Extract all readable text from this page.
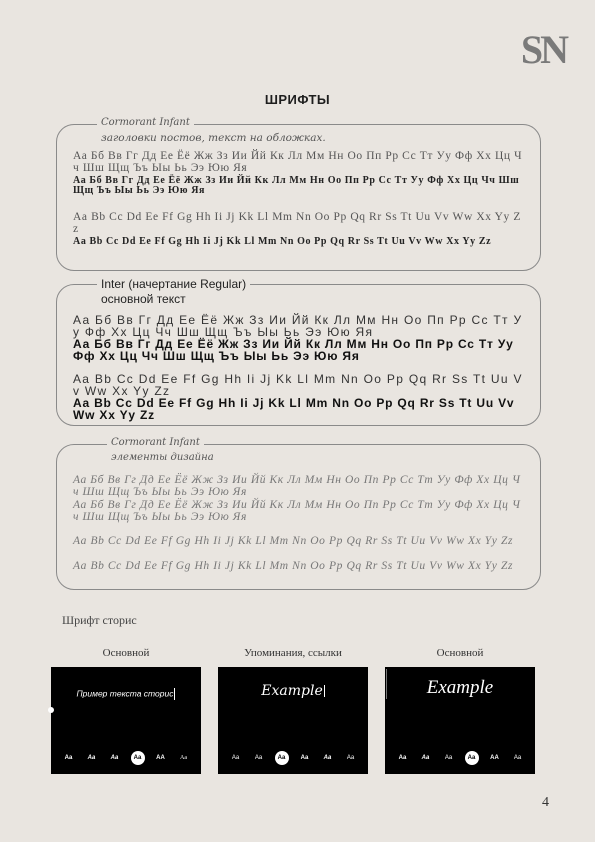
SN
ШРИФТЫ
Cormorant Infant
заголовки постов, текст на обложках.
Аа Бб Вв Гг Дд Ее Ёё Жж Зз Ии Йй Кк Лл Мм Нн Оо Пп Рр Сс Тт Уу Фф Хх Цц Чч Шш Щщ Ъъ Ыы Ьь Ээ Юю Яя
Аа Бб Вв Гг Дд Ее Ёё Жж Зз Ии Йй Кк Лл Мм Нн Оо Пп Рр Сс Тт Уу Фф Хх Цц Чч Шш Щщ Ъъ Ыы Ьь Ээ Юю Яя
Aa Bb Cc Dd Ee Ff Gg Hh Ii Jj Kk Ll Mm Nn Oo Pp Qq Rr Ss Tt Uu Vv Ww Xx Yy Zz
Aa Bb Cc Dd Ee Ff Gg Hh Ii Jj Kk Ll Mm Nn Oo Pp Qq Rr Ss Tt Uu Vv Ww Xx Yy Zz
Inter (начертание Regular)
основной текст
Аа Бб Вв Гг Дд Ее Ёё Жж Зз Ии Йй Кк Лл Мм Нн Оо Пп Рр Сс Тт Уу Фф Хх Цц Чч Шш Щщ Ъъ Ыы Ьь Ээ Юю Яя
Аа Бб Вв Гг Дд Ее Ёё Жж Зз Ии Йй Кк Лл Мм Нн Оо Пп Рр Сс Тт Уу Фф Хх Цц Чч Шш Щщ Ъъ Ыы Ьь Ээ Юю Яя
Aa Bb Cc Dd Ee Ff Gg Hh Ii Jj Kk Ll Mm Nn Oo Pp Qq Rr Ss Tt Uu Vv Ww Xx Yy Zz
Aa Bb Cc Dd Ee Ff Gg Hh Ii Jj Kk Ll Mm Nn Oo Pp Qq Rr Ss Tt Uu Vv Ww Xx Yy Zz
Cormorant Infant
элементы дизайна
Аа Бб Вв Гг Дд Ее Ёё Жж Зз Ии Йй Кк Лл Мм Нн Оо Пп Рр Сс Тт Уу Фф Хх Цц Чч Шш Щщ Ъъ Ыы Ьь Ээ Юю Яя
Аа Бб Вв Гг Дд Ее Ёё Жж Зз Ии Йй Кк Лл Мм Нн Оо Пп Рр Сс Тт Уу Фф Хх Цц Чч Шш Щщ Ъъ Ыы Ьь Ээ Юю Яя
Aa Bb Cc Dd Ee Ff Gg Hh Ii Jj Kk Ll Mm Nn Oo Pp Qq Rr Ss Tt Uu Vv Ww Xx Yy Zz
Aa Bb Cc Dd Ee Ff Gg Hh Ii Jj Kk Ll Mm Nn Oo Pp Qq Rr Ss Tt Uu Vv Ww Xx Yy Zz
Шрифт сторис
Основной	Упоминания, ссылки	Основной
Пример текста сторис
Aa	Aa	Aa	Aa	AA	Aa
Example
Aa	Aa	Aa	Aa	Aa	Aa
Example
Aa	Aa	Aa	Aa	AA	Aa
4
